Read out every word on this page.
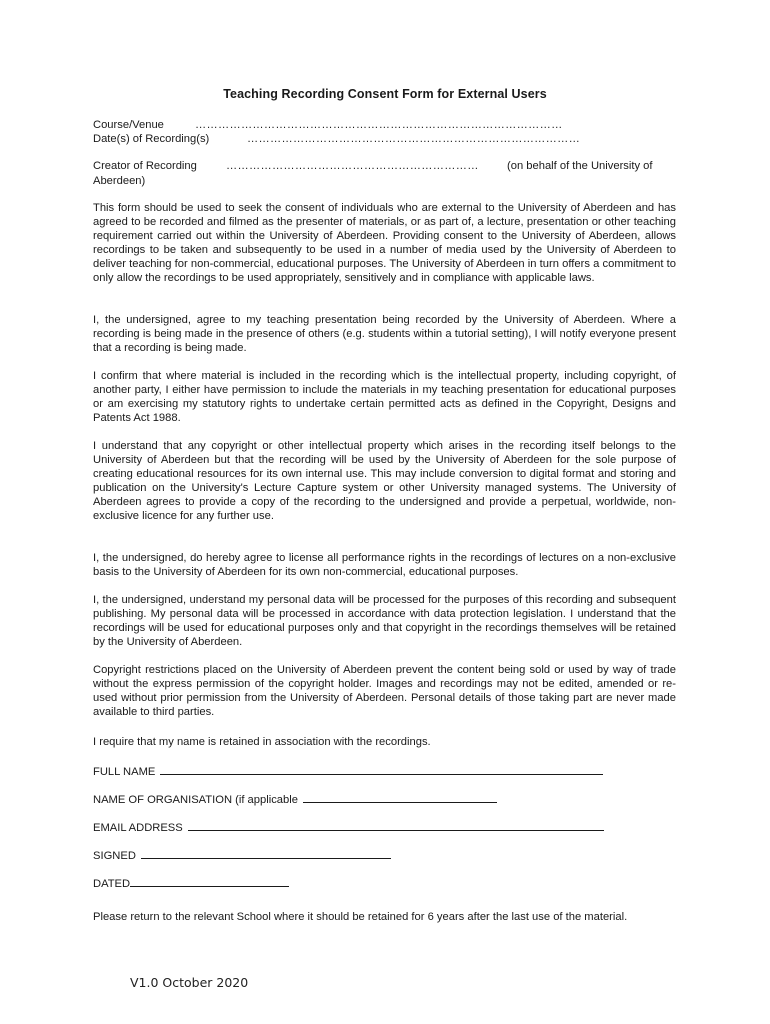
Teaching Recording Consent Form for External Users
Course/Venue	……………………………………………………………………………………
Date(s) of Recording(s)	……………………………………………………………………………
Creator of Recording	…………………………………………………………	(on behalf of the University of
Aberdeen)
This form should be used to seek the consent of individuals who are external to the University of Aberdeen and has agreed to be recorded and filmed as the presenter of materials, or as part of, a lecture, presentation or other teaching requirement carried out within the University of Aberdeen. Providing consent to the University of Aberdeen, allows recordings to be taken and subsequently to be used in a number of media used by the University of Aberdeen to deliver teaching for non-commercial, educational purposes. The University of Aberdeen in turn offers a commitment to only allow the recordings to be used appropriately, sensitively and in compliance with applicable laws.
I, the undersigned, agree to my teaching presentation being recorded by the University of Aberdeen. Where a recording is being made in the presence of others (e.g. students within a tutorial setting), I will notify everyone present that a recording is being made.
I confirm that where material is included in the recording which is the intellectual property, including copyright, of another party, I either have permission to include the materials in my teaching presentation for educational purposes or am exercising my statutory rights to undertake certain permitted acts as defined in the Copyright, Designs and Patents Act 1988.
I understand that any copyright or other intellectual property which arises in the recording itself belongs to the University of Aberdeen but that the recording will be used by the University of Aberdeen for the sole purpose of creating educational resources for its own internal use. This may include conversion to digital format and storing and publication on the University's Lecture Capture system or other University managed systems. The University of Aberdeen agrees to provide a copy of the recording to the undersigned and provide a perpetual, worldwide, non-exclusive licence for any further use.
I, the undersigned, do hereby agree to license all performance rights in the recordings of lectures on a non-exclusive basis to the University of Aberdeen for its own non-commercial, educational purposes.
I, the undersigned, understand my personal data will be processed for the purposes of this recording and subsequent publishing. My personal data will be processed in accordance with data protection legislation. I understand that the recordings will be used for educational purposes only and that copyright in the recordings themselves will be retained by the University of Aberdeen.
Copyright restrictions placed on the University of Aberdeen prevent the content being sold or used by way of trade without the express permission of the copyright holder. Images and recordings may not be edited, amended or re-used without prior permission from the University of Aberdeen. Personal details of those taking part are never made available to third parties.
I require that my name is retained in association with the recordings.
FULL NAME
NAME OF ORGANISATION (if applicable
EMAIL ADDRESS
SIGNED
DATED
Please return to the relevant School where it should be retained for 6 years after the last use of the material.
V1.0 October 2020
